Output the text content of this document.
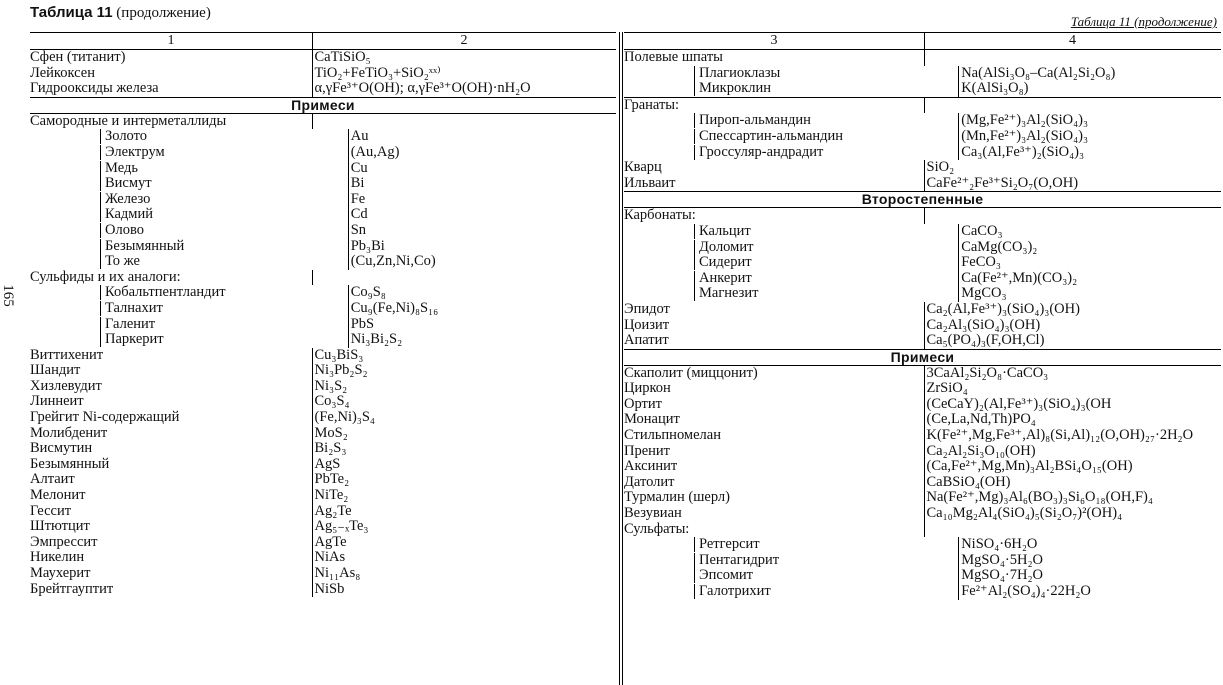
Таблица 11 (продолжение)
Таблица 11 (продолжение)
165
1	2
Сфен (титанит)	CaTiSiO₅
Лейкоксен	TiO₂+FeTiO₃+SiO₂ˣˣ⁾
Гидрооксиды железа	α,γFe³⁺O(OH); α,γFe³⁺O(OH)·nH₂O
Примеси
Самородные и интерметаллиды
Золото	Au
Электрум	(Au,Ag)
Медь	Cu
Висмут	Bi
Железо	Fe
Кадмий	Cd
Олово	Sn
Безымянный	Pb₃Bi
То же	(Cu,Zn,Ni,Co)
Сульфиды и их аналоги:
Кобальтпентландит	Co₉S₈
Талнахит	Cu₉(Fe,Ni)₈S₁₆
Галенит	PbS
Паркерит	Ni₃Bi₂S₂
Виттихенит	Cu₃BiS₃
Шандит	Ni₃Pb₂S₂
Хизлевудит	Ni₃S₂
Линнеит	Co₃S₄
Грейгит Ni-содержащий	(Fe,Ni)₃S₄
Молибденит	MoS₂
Висмутин	Bi₂S₃
Безымянный	AgS
Алтаит	PbTe₂
Мелонит	NiTe₂
Гессит	Ag₂Te
Штютцит	Ag₅₋ₓTe₃
Эмпрессит	AgTe
Никелин	NiAs
Маухерит	Ni₁₁As₈
Брейтгауптит	NiSb
3	4
Полевые шпаты
Плагиоклазы	Na(AlSi₃O₈–Ca(Al₂Si₂O₈)
Микроклин	K(AlSi₃O₈)
Гранаты:
Пироп-альмандин	(Mg,Fe²⁺)₃Al₂(SiO₄)₃
Спессартин-альмандин	(Mn,Fe²⁺)₃Al₂(SiO₄)₃
Гроссуляр-андрадит	Ca₃(Al,Fe³⁺)₂(SiO₄)₃
Кварц	SiO₂
Ильваит	CaFe²⁺₂Fe³⁺Si₂O₇(O,OH)
Второстепенные
Карбонаты:
Кальцит	CaCO₃
Доломит	CaMg(CO₃)₂
Сидерит	FeCO₃
Анкерит	Ca(Fe²⁺,Mn)(CO₃)₂
Магнезит	MgCO₃
Эпидот	Ca₂(Al,Fe³⁺)₃(SiO₄)₃(OH)
Цоизит	Ca₂Al₃(SiO₄)₃(OH)
Апатит	Ca₅(PO₄)₃(F,OH,Cl)
Примеси
Скаполит (миццонит)	3CaAl₂Si₂O₈·CaCO₃
Циркон	ZrSiO₄
Ортит	(CeCaY)₂(Al,Fe³⁺)₃(SiO₄)₃(OH
Монацит	(Ce,La,Nd,Th)PO₄
Стильпномелан	K(Fe²⁺,Mg,Fe³⁺,Al)₈(Si,Al)₁₂(O,OH)₂₇·2H₂O
Пренит	Ca₂Al₂Si₃O₁₀(OH)
Аксинит	(Ca,Fe²⁺,Mg,Mn)₃Al₂BSi₄O₁₅(OH)
Датолит	CaBSiO₄(OH)
Турмалин (шерл)	Na(Fe²⁺,Mg)₃Al₆(BO₃)₃Si₆O₁₈(OH,F)₄
Везувиан	Ca₁₀Mg₂Al₄(SiO₄)₅(Si₂O₇)²(OH)₄
Сульфаты:
Ретгерсит	NiSO₄·6H₂O
Пентагидрит	MgSO₄·5H₂O
Эпсомит	MgSO₄·7H₂O
Галотрихит	Fe²⁺Al₂(SO₄)₄·22H₂O
